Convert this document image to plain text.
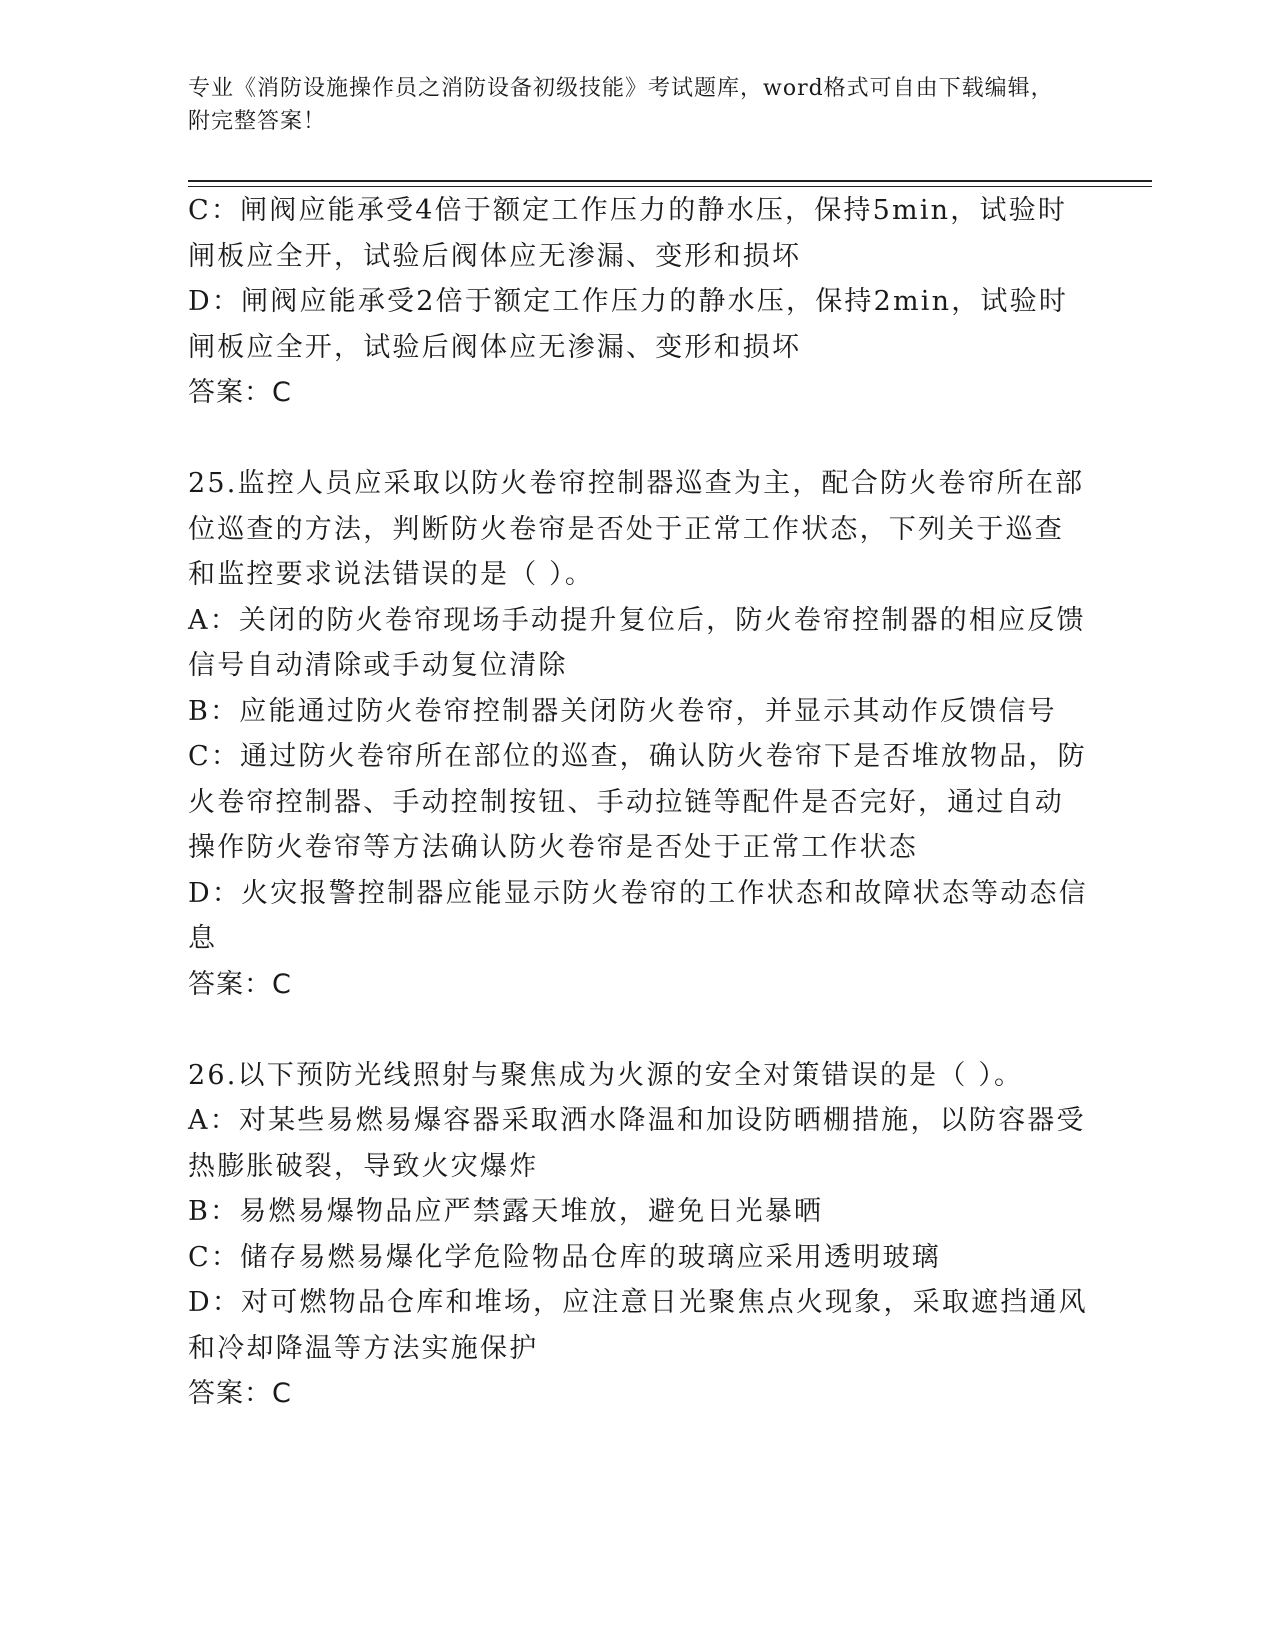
专业《消防设施操作员之消防设备初级技能》考试题库，word格式可自由下载编辑，附完整答案！

C：闸阀应能承受4倍于额定工作压力的静水压，保持5min，试验时闸板应全开，试验后阀体应无渗漏、变形和损坏

D：闸阀应能承受2倍于额定工作压力的静水压，保持2min，试验时闸板应全开，试验后阀体应无渗漏、变形和损坏

答案：C

25.监控人员应采取以防火卷帘控制器巡查为主，配合防火卷帘所在部位巡查的方法，判断防火卷帘是否处于正常工作状态，下列关于巡查和监控要求说法错误的是（ ）。

A：关闭的防火卷帘现场手动提升复位后，防火卷帘控制器的相应反馈信号自动清除或手动复位清除

B：应能通过防火卷帘控制器关闭防火卷帘，并显示其动作反馈信号

C：通过防火卷帘所在部位的巡查，确认防火卷帘下是否堆放物品，防火卷帘控制器、手动控制按钮、手动拉链等配件是否完好，通过自动操作防火卷帘等方法确认防火卷帘是否处于正常工作状态

D：火灾报警控制器应能显示防火卷帘的工作状态和故障状态等动态信息

答案：C

26.以下预防光线照射与聚焦成为火源的安全对策错误的是（ ）。

A：对某些易燃易爆容器采取洒水降温和加设防晒棚措施，以防容器受热膨胀破裂，导致火灾爆炸

B：易燃易爆物品应严禁露天堆放，避免日光暴晒

C：储存易燃易爆化学危险物品仓库的玻璃应采用透明玻璃

D：对可燃物品仓库和堆场，应注意日光聚焦点火现象，采取遮挡通风和冷却降温等方法实施保护

答案：C
